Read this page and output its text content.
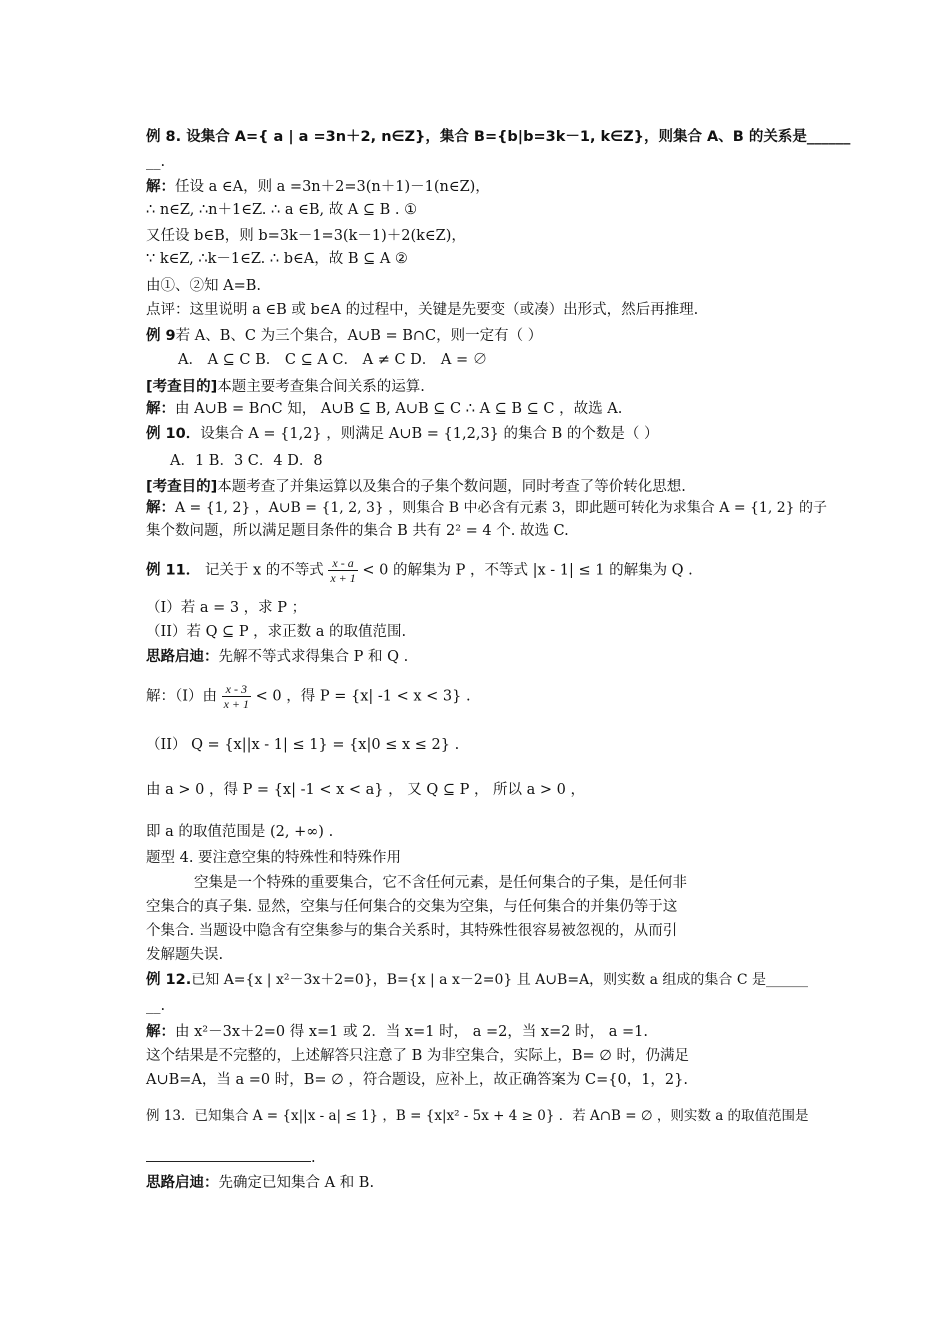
例 8. 设集合 A={ a | a =3n＋2, n∈Z}，集合 B={b|b=3k－1, k∈Z}，则集合 A、B 的关系是______
__.
解：任设 a ∈A，则 a =3n＋2=3(n＋1)－1(n∈Z)，
∴ n∈Z, ∴n＋1∈Z. ∴ a ∈B, 故 A ⊆ B . ①
又任设 b∈B，则 b=3k－1=3(k－1)＋2(k∈Z)，
∵ k∈Z, ∴k－1∈Z. ∴ b∈A，故 B ⊆ A ②
由①、②知 A=B.
点评：这里说明 a ∈B 或 b∈A 的过程中，关键是先要变（或凑）出形式，然后再推理.
例 9若 A、B、C 为三个集合，A∪B = B∩C，则一定有（ ）
A． A ⊆ C B． C ⊆ A C． A ≠ C D． A = ∅
[考查目的]本题主要考查集合间关系的运算.
解：由 A∪B = B∩C 知， A∪B ⊆ B, A∪B ⊆ C ∴ A ⊆ B ⊆ C ，故选 A.
例 10．设集合 A = {1,2} ，则满足 A∪B = {1,2,3} 的集合 B 的个数是（ ）
A．1 B．3 C．4 D．8
[考查目的]本题考查了并集运算以及集合的子集个数问题，同时考查了等价转化思想.
解：A = {1, 2} ，A∪B = {1, 2, 3} ，则集合 B 中必含有元素 3，即此题可转化为求集合 A = {1, 2} 的子
集个数问题，所以满足题目条件的集合 B 共有 2² = 4 个. 故选 C.
例 11． 记关于 x 的不等式 $\frac{x - a}{x + 1} < 0$ 的解集为 P ，不等式 |x - 1| ≤ 1 的解集为 Q .
（I）若 a = 3 ，求 P ；
（II）若 Q ⊆ P ，求正数 a 的取值范围.
思路启迪：先解不等式求得集合 P 和 Q .
解：（I）由 $\frac{x - 3}{x + 1} < 0$ ，得 P = {x| -1 < x < 3} .
（II） Q = {x||x - 1| ≤ 1} = {x|0 ≤ x ≤ 2} .
由 a > 0 ，得 P = {x| -1 < x < a} ， 又 Q ⊆ P ， 所以 a > 0 ，
即 a 的取值范围是 (2, +∞) .
题型 4. 要注意空集的特殊性和特殊作用
空集是一个特殊的重要集合，它不含任何元素，是任何集合的子集，是任何非
空集合的真子集. 显然，空集与任何集合的交集为空集，与任何集合的并集仍等于这
个集合. 当题设中隐含有空集参与的集合关系时，其特殊性很容易被忽视的，从而引
发解题失误.
例 12.已知 A={x | x²－3x＋2=0}，B={x | a x－2=0} 且 A∪B=A，则实数 a 组成的集合 C 是______
__.
解：由 x²－3x＋2=0 得 x=1 或 2．当 x=1 时， a =2，当 x=2 时， a =1.
这个结果是不完整的，上述解答只注意了 B 为非空集合，实际上，B= ∅ 时，仍满足
A∪B=A，当 a =0 时，B= ∅ ，符合题设，应补上，故正确答案为 C={0，1，2}.
例 13．已知集合 A = {x||x - a| ≤ 1} ，B = {x|x² - 5x + 4 ≥ 0} ．若 A∩B = ∅ ，则实数 a 的取值范围是
.
思路启迪：先确定已知集合 A 和 B.
